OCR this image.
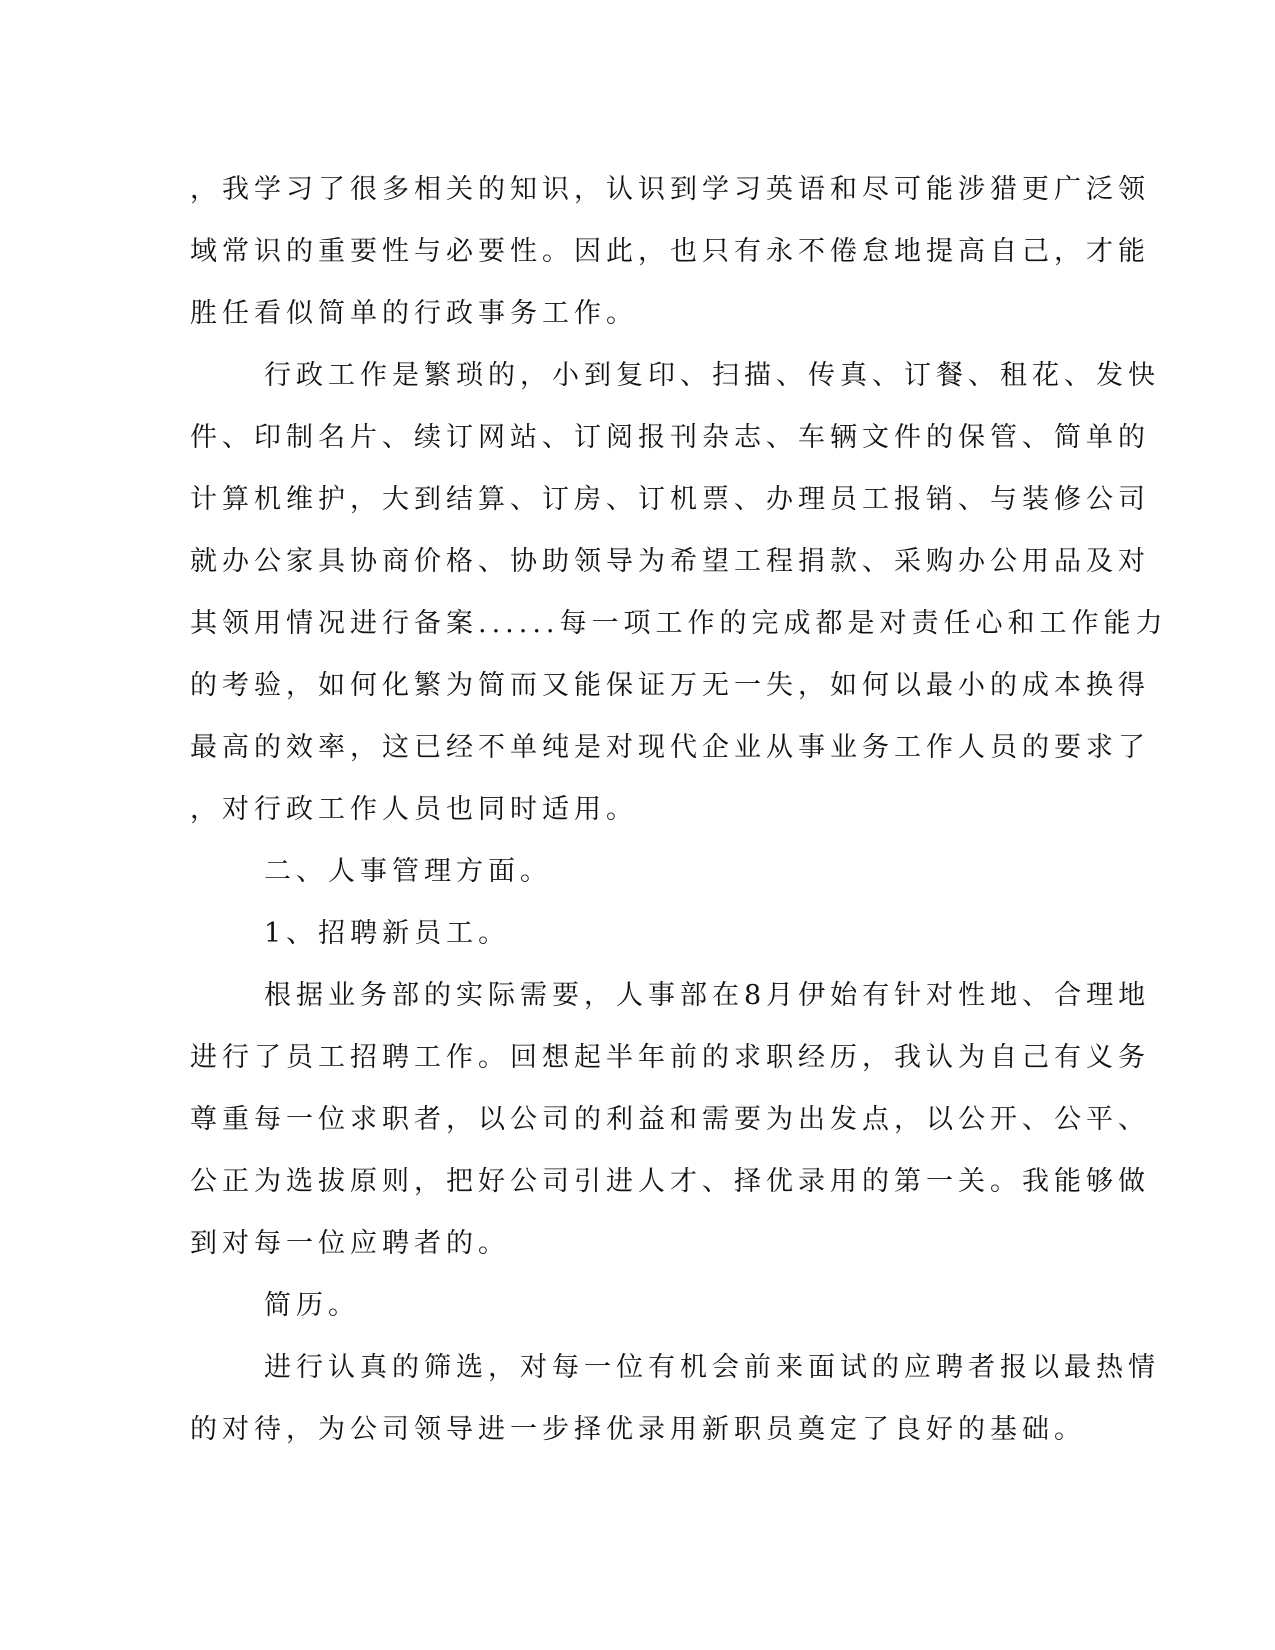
，我学习了很多相关的知识，认识到学习英语和尽可能涉猎更广泛领
域常识的重要性与必要性。因此，也只有永不倦怠地提高自己，才能
胜任看似简单的行政事务工作。
行政工作是繁琐的，小到复印、扫描、传真、订餐、租花、发快
件、印制名片、续订网站、订阅报刊杂志、车辆文件的保管、简单的
计算机维护，大到结算、订房、订机票、办理员工报销、与装修公司
就办公家具协商价格、协助领导为希望工程捐款、采购办公用品及对
其领用情况进行备案......每一项工作的完成都是对责任心和工作能力
的考验，如何化繁为简而又能保证万无一失，如何以最小的成本换得
最高的效率，这已经不单纯是对现代企业从事业务工作人员的要求了
，对行政工作人员也同时适用。
二、人事管理方面。
1、招聘新员工。
根据业务部的实际需要，人事部在8月伊始有针对性地、合理地
进行了员工招聘工作。回想起半年前的求职经历，我认为自己有义务
尊重每一位求职者，以公司的利益和需要为出发点，以公开、公平、
公正为选拔原则，把好公司引进人才、择优录用的第一关。我能够做
到对每一位应聘者的。
简历。
进行认真的筛选，对每一位有机会前来面试的应聘者报以最热情
的对待，为公司领导进一步择优录用新职员奠定了良好的基础。
